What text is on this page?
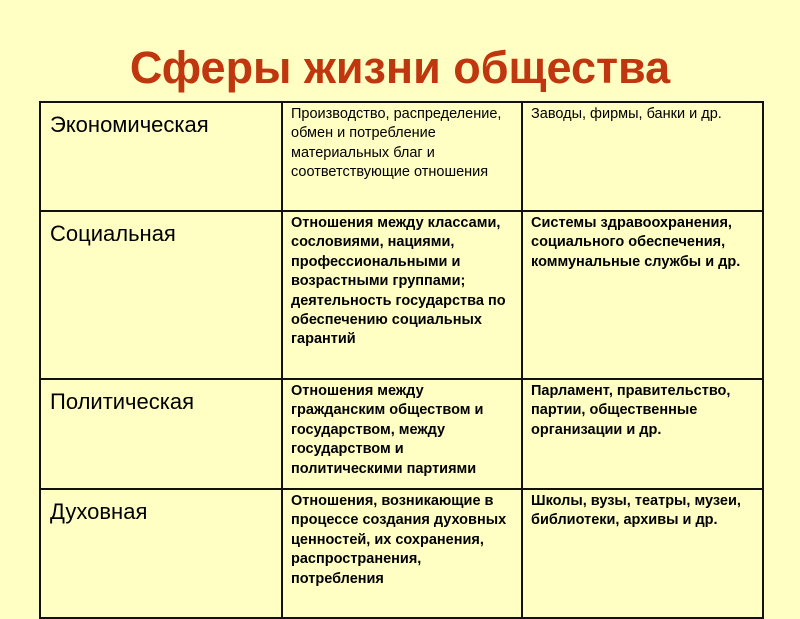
Сферы жизни общества
Экономическая	Производство, распределение, обмен и потребление материальных благ и соответствующие отношения	Заводы, фирмы, банки и др.
Социальная	Отношения между классами, сословиями, нациями, профессиональными и возрастными группами; деятельность государства по обеспечению социальных гарантий	Системы здравоохранения, социального обеспечения, коммунальные службы и др.
Политическая	Отношения между гражданским обществом и государством, между государством и политическими партиями	Парламент, правительство, партии, общественные организации и др.
Духовная	Отношения, возникающие в процессе создания духовных ценностей, их сохранения, распространения, потребления	Школы, вузы, театры, музеи, библиотеки, архивы и др.
